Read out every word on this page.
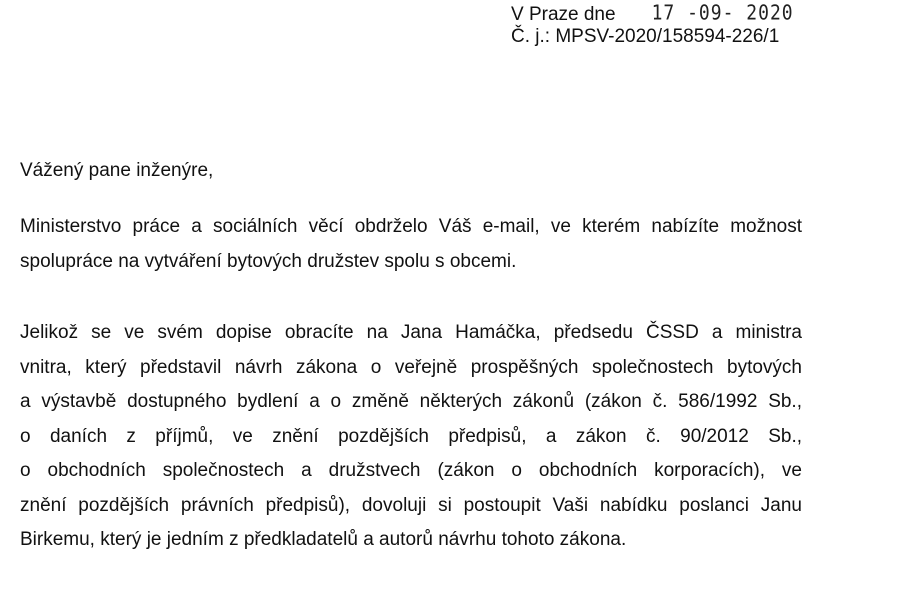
V Praze dne 17 -09- 2020
Č. j.: MPSV-2020/158594-226/1
Vážený pane inženýre,
Ministerstvo práce a sociálních věcí obdrželo Váš e-mail, ve kterém nabízíte možnost
spolupráce na vytváření bytových družstev spolu s obcemi.
Jelikož se ve svém dopise obracíte na Jana Hamáčka, předsedu ČSSD a ministra
vnitra, který představil návrh zákona o veřejně prospěšných společnostech bytových
a výstavbě dostupného bydlení a o změně některých zákonů (zákon č. 586/1992 Sb.,
o daních z příjmů, ve znění pozdějších předpisů, a zákon č. 90/2012 Sb.,
o obchodních společnostech a družstvech (zákon o obchodních korporacích), ve
znění pozdějších právních předpisů), dovoluji si postoupit Vaši nabídku poslanci Janu
Birkemu, který je jedním z předkladatelů a autorů návrhu tohoto zákona.
